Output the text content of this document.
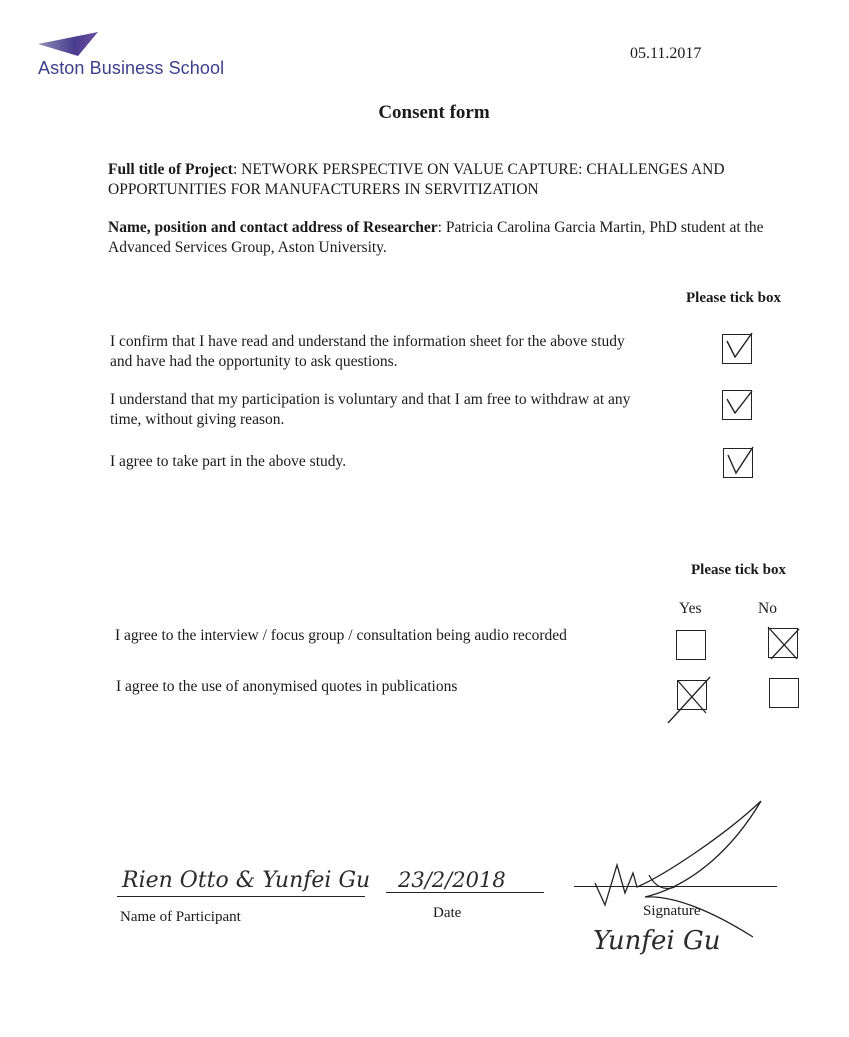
Aston Business School
05.11.2017
Consent form
Full title of Project: NETWORK PERSPECTIVE ON VALUE CAPTURE: CHALLENGES AND OPPORTUNITIES FOR MANUFACTURERS IN SERVITIZATION
Name, position and contact address of Researcher: Patricia Carolina Garcia Martin, PhD student at the Advanced Services Group, Aston University.
Please tick box
I confirm that I have read and understand the information sheet for the above study and have had the opportunity to ask questions.
I understand that my participation is voluntary and that I am free to withdraw at any time, without giving reason.
I agree to take part in the above study.
Please tick box
Yes	No
I agree to the interview / focus group / consultation being audio recorded
I agree to the use of anonymised quotes in publications
Rien Otto & Yunfei Gu
Name of Participant
23/2/2018
Date	Signature
Yunfei Gu
